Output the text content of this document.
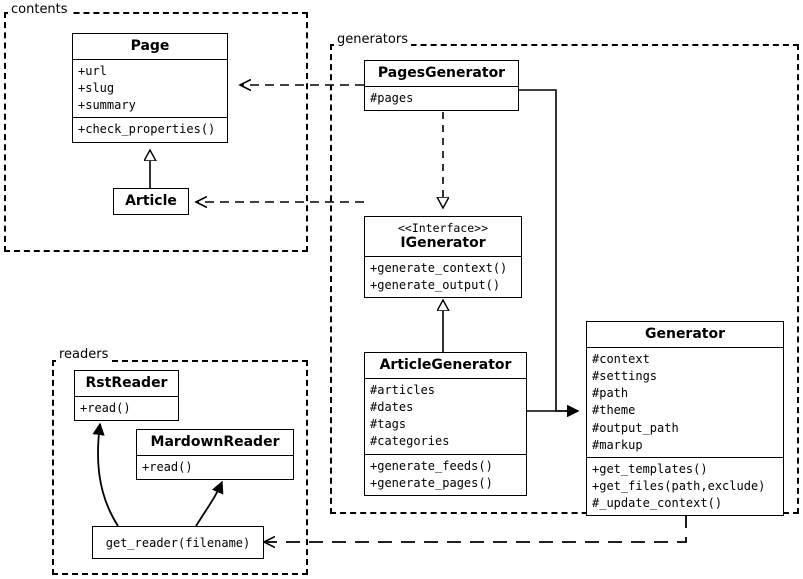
contents
generators
readers
Page
+url
+slug
+summary
+check_properties()
Article
PagesGenerator
#pages
<<Interface>>
IGenerator
+generate_context()
+generate_output()
ArticleGenerator
#articles
#dates
#tags
#categories
+generate_feeds()
+generate_pages()
Generator
#context
#settings
#path
#theme
#output_path
#markup
+get_templates()
+get_files(path,exclude)
#_update_context()
RstReader
+read()
MardownReader
+read()
get_reader(filename)
